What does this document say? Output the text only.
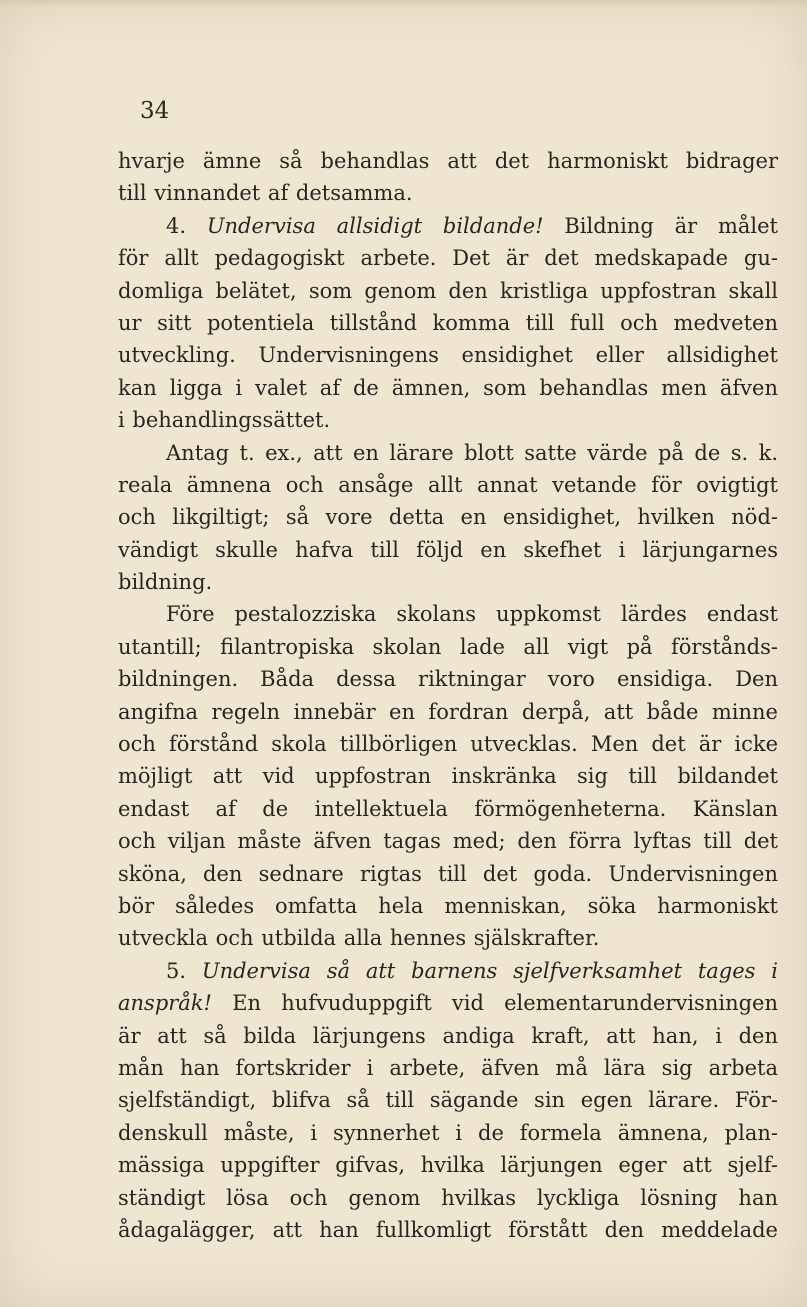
34
hvarje ämne så behandlas att det harmoniskt bidrager
till vinnandet af detsamma.
4. Undervisa allsidigt bildande! Bildning är målet
för allt pedagogiskt arbete. Det är det medskapade gu-
domliga belätet, som genom den kristliga uppfostran skall
ur sitt potentiela tillstånd komma till full och medveten
utveckling. Undervisningens ensidighet eller allsidighet
kan ligga i valet af de ämnen, som behandlas men äfven
i behandlingssättet.
Antag t. ex., att en lärare blott satte värde på de s. k.
reala ämnena och ansåge allt annat vetande för ovigtigt
och likgiltigt; så vore detta en ensidighet, hvilken nöd-
vändigt skulle hafva till följd en skefhet i lärjungarnes
bildning.
Före pestalozziska skolans uppkomst lärdes endast
utantill; filantropiska skolan lade all vigt på förstånds-
bildningen. Båda dessa riktningar voro ensidiga. Den
angifna regeln innebär en fordran derpå, att både minne
och förstånd skola tillbörligen utvecklas. Men det är icke
möjligt att vid uppfostran inskränka sig till bildandet
endast af de intellektuela förmögenheterna. Känslan
och viljan måste äfven tagas med; den förra lyftas till det
sköna, den sednare rigtas till det goda. Undervisningen
bör således omfatta hela menniskan, söka harmoniskt
utveckla och utbilda alla hennes själskrafter.
5. Undervisa så att barnens sjelfverksamhet tages i
anspråk! En hufvuduppgift vid elementarundervisningen
är att så bilda lärjungens andiga kraft, att han, i den
mån han fortskrider i arbete, äfven må lära sig arbeta
sjelfständigt, blifva så till sägande sin egen lärare. För-
denskull måste, i synnerhet i de formela ämnena, plan-
mässiga uppgifter gifvas, hvilka lärjungen eger att sjelf-
ständigt lösa och genom hvilkas lyckliga lösning han
ådagalägger, att han fullkomligt förstått den meddelade
